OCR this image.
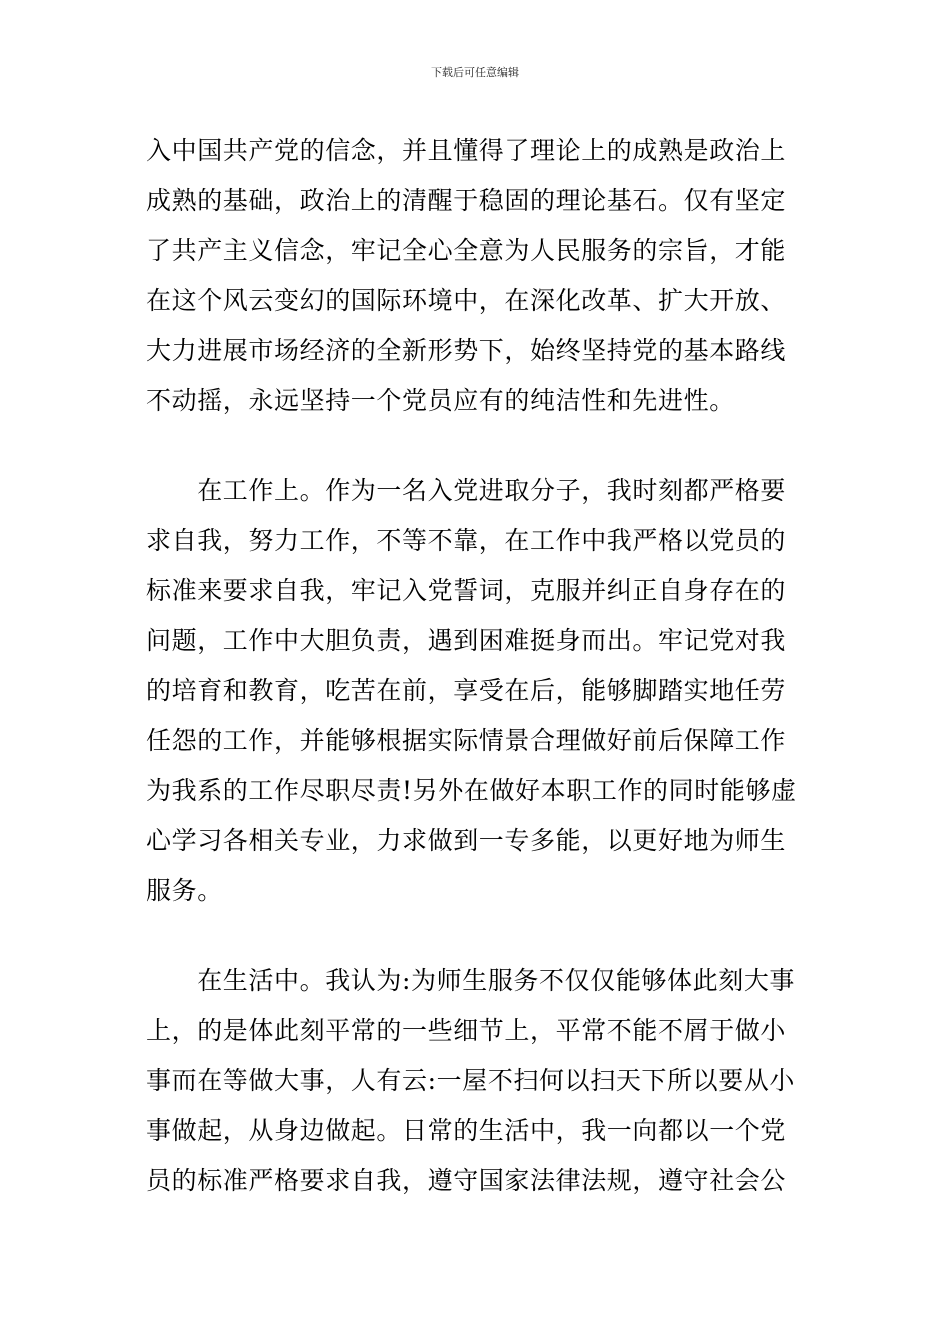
下载后可任意编辑
入中国共产党的信念，并且懂得了理论上的成熟是政治上
成熟的基础，政治上的清醒于稳固的理论基石。仅有坚定
了共产主义信念，牢记全心全意为人民服务的宗旨，才能
在这个风云变幻的国际环境中，在深化改革、扩大开放、
大力进展市场经济的全新形势下，始终坚持党的基本路线
不动摇，永远坚持一个党员应有的纯洁性和先进性。
　　在工作上。作为一名入党进取分子，我时刻都严格要
求自我，努力工作，不等不靠，在工作中我严格以党员的
标准来要求自我，牢记入党誓词，克服并纠正自身存在的
问题，工作中大胆负责，遇到困难挺身而出。牢记党对我
的培育和教育，吃苦在前，享受在后，能够脚踏实地任劳
任怨的工作，并能够根据实际情景合理做好前后保障工作
为我系的工作尽职尽责!另外在做好本职工作的同时能够虚
心学习各相关专业，力求做到一专多能，以更好地为师生
服务。
　　在生活中。我认为:为师生服务不仅仅能够体此刻大事
上，的是体此刻平常的一些细节上，平常不能不屑于做小
事而在等做大事，人有云:一屋不扫何以扫天下所以要从小
事做起，从身边做起。日常的生活中，我一向都以一个党
员的标准严格要求自我，遵守国家法律法规，遵守社会公
